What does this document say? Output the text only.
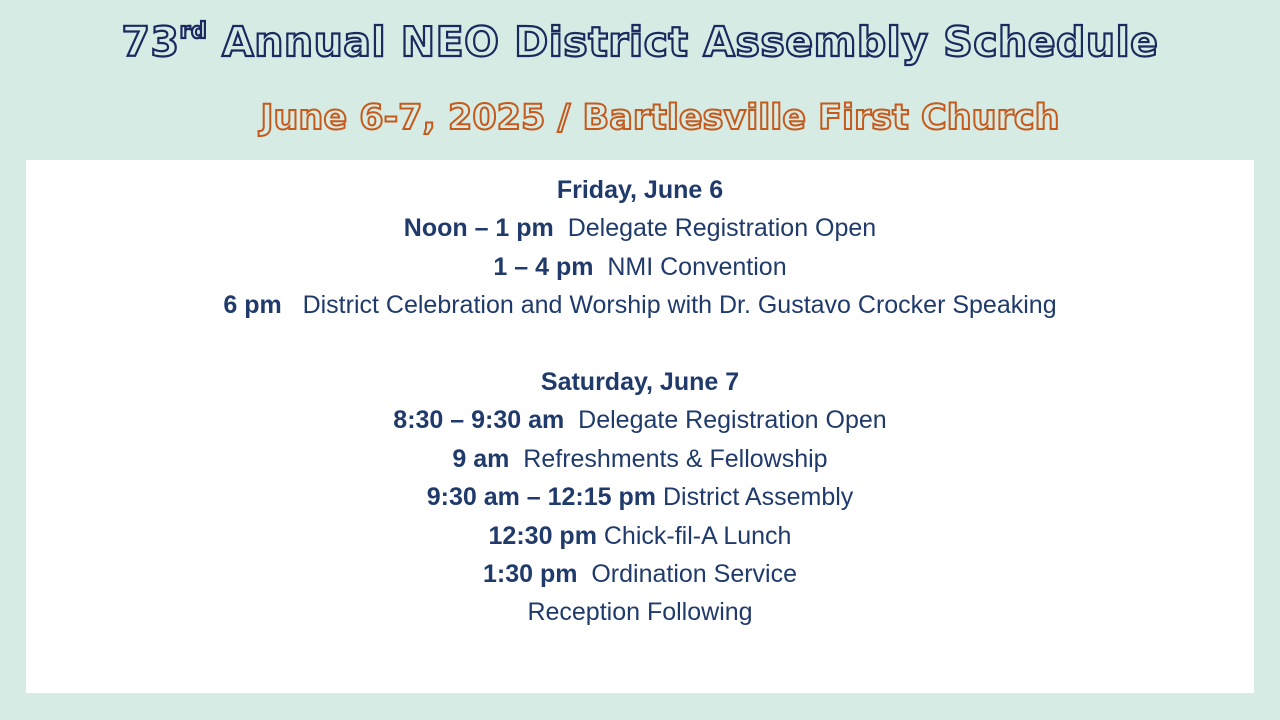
73rd Annual NEO District Assembly Schedule
June 6-7, 2025 / Bartlesville First Church
Friday, June 6
Noon – 1 pm Delegate Registration Open
1 – 4 pm NMI Convention
6 pm District Celebration and Worship with Dr. Gustavo Crocker Speaking
Saturday, June 7
8:30 – 9:30 am Delegate Registration Open
9 am Refreshments & Fellowship
9:30 am – 12:15 pm District Assembly
12:30 pm Chick-fil-A Lunch
1:30 pm Ordination Service
Reception Following
